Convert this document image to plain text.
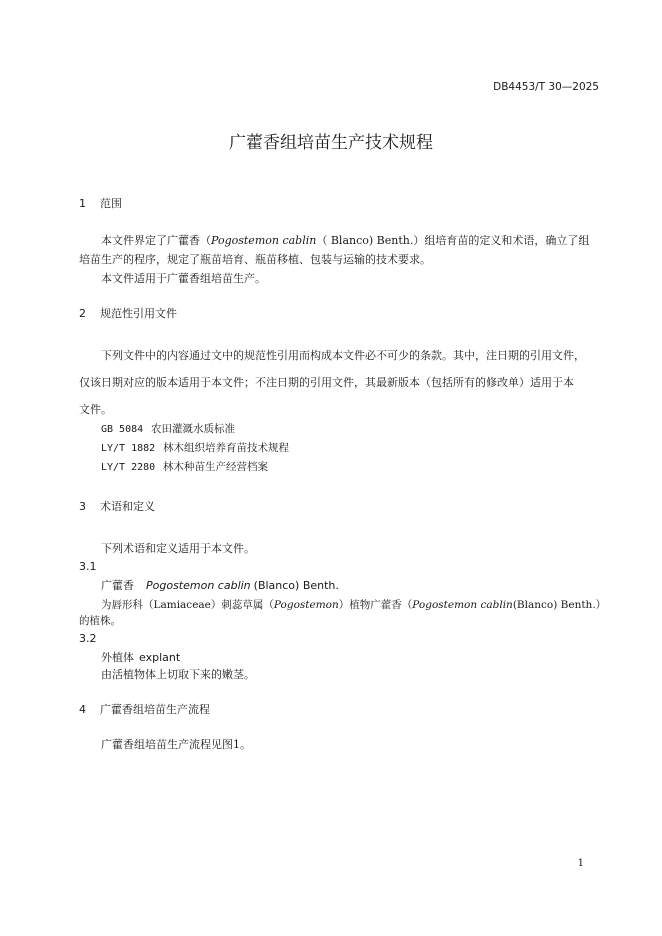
DB4453/T 30—2025
广藿香组培苗生产技术规程
1 范围
本文件界定了广藿香（Pogostemon cablin（ Blanco) Benth.）组培育苗的定义和术语，确立了组
培苗生产的程序，规定了瓶苗培育、瓶苗移植、包装与运输的技术要求。
本文件适用于广藿香组培苗生产。
2 规范性引用文件
下列文件中的内容通过文中的规范性引用而构成本文件必不可少的条款。其中，注日期的引用文件，
仅该日期对应的版本适用于本文件；不注日期的引用文件，其最新版本（包括所有的修改单）适用于本
文件。
GB 5084 农田灌溉水质标准
LY/T 1882 林木组织培养育苗技术规程
LY/T 2280 林木种苗生产经营档案
3 术语和定义
下列术语和定义适用于本文件。
3.1
广藿香 Pogostemon cablin (Blanco) Benth.
为唇形科（Lamiaceae）刺蕊草属（Pogostemon）植物广藿香（Pogostemon cablin(Blanco) Benth.）
的植株。
3.2
外植体 explant
由活植物体上切取下来的嫩茎。
4 广藿香组培苗生产流程
广藿香组培苗生产流程见图1。
1
